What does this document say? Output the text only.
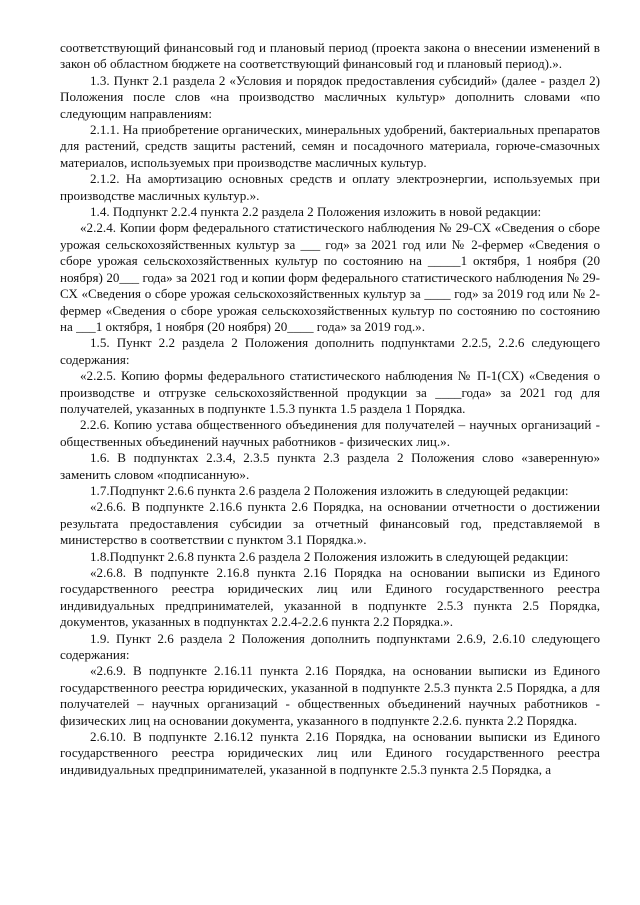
соответствующий финансовый год и плановый период (проекта закона о внесении изменений в закон об областном бюджете на соответствующий финансовый год и плановый период).».

1.3. Пункт 2.1 раздела 2 «Условия и порядок предоставления субсидий» (далее - раздел 2) Положения после слов «на производство масличных культур» дополнить словами «по следующим направлениям:

2.1.1. На приобретение органических, минеральных удобрений, бактериальных препаратов для растений, средств защиты растений, семян и посадочного материала, горюче-смазочных материалов, используемых при производстве масличных культур.

2.1.2. На амортизацию основных средств и оплату электроэнергии, используемых при производстве масличных культур.».

1.4. Подпункт 2.2.4 пункта 2.2 раздела 2 Положения изложить в новой редакции:

«2.2.4. Копии форм федерального статистического наблюдения № 29-СХ «Сведения о сборе урожая сельскохозяйственных культур за ___ год» за 2021 год или № 2-фермер «Сведения о сборе урожая сельскохозяйственных культур по состоянию на _____1 октября, 1 ноября (20 ноября) 20___ года» за 2021 год и копии форм федерального статистического наблюдения № 29-СХ «Сведения о сборе урожая сельскохозяйственных культур за ____ год» за 2019 год или № 2-фермер «Сведения о сборе урожая сельскохозяйственных культур по состоянию по состоянию на ___1 октября, 1 ноября (20 ноября) 20____ года» за 2019 год.».

1.5. Пункт 2.2 раздела 2 Положения дополнить подпунктами 2.2.5, 2.2.6 следующего содержания:

«2.2.5. Копию формы федерального статистического наблюдения № П-1(СХ) «Сведения о производстве и отгрузке сельскохозяйственной продукции за ____года» за 2021 год для получателей, указанных в подпункте 1.5.3 пункта 1.5 раздела 1 Порядка.

2.2.6. Копию устава общественного объединения для получателей – научных организаций - общественных объединений научных работников - физических лиц.».

1.6. В подпунктах 2.3.4, 2.3.5 пункта 2.3 раздела 2 Положения слово «заверенную» заменить словом «подписанную».

1.7.Подпункт 2.6.6 пункта 2.6 раздела 2 Положения изложить в следующей редакции:

«2.6.6. В подпункте 2.16.6 пункта 2.6 Порядка, на основании отчетности о достижении результата предоставления субсидии за отчетный финансовый год, представляемой в министерство в соответствии с пунктом 3.1 Порядка.».

1.8.Подпункт 2.6.8 пункта 2.6 раздела 2 Положения изложить в следующей редакции:

«2.6.8. В подпункте 2.16.8 пункта 2.16 Порядка на основании выписки из Единого государственного реестра юридических лиц или Единого государственного реестра индивидуальных предпринимателей, указанной в подпункте 2.5.3 пункта 2.5 Порядка, документов, указанных в подпунктах 2.2.4-2.2.6 пункта 2.2 Порядка.».

1.9. Пункт 2.6 раздела 2 Положения дополнить подпунктами 2.6.9, 2.6.10 следующего содержания:

«2.6.9. В подпункте 2.16.11 пункта 2.16 Порядка, на основании выписки из Единого государственного реестра юридических, указанной в подпункте 2.5.3 пункта 2.5 Порядка, а для получателей – научных организаций - общественных объединений научных работников - физических лиц на основании документа, указанного в подпункте 2.2.6. пункта 2.2 Порядка.

2.6.10. В подпункте 2.16.12 пункта 2.16 Порядка, на основании выписки из Единого государственного реестра юридических лиц или Единого государственного реестра индивидуальных предпринимателей, указанной в подпункте 2.5.3 пункта 2.5 Порядка, а
